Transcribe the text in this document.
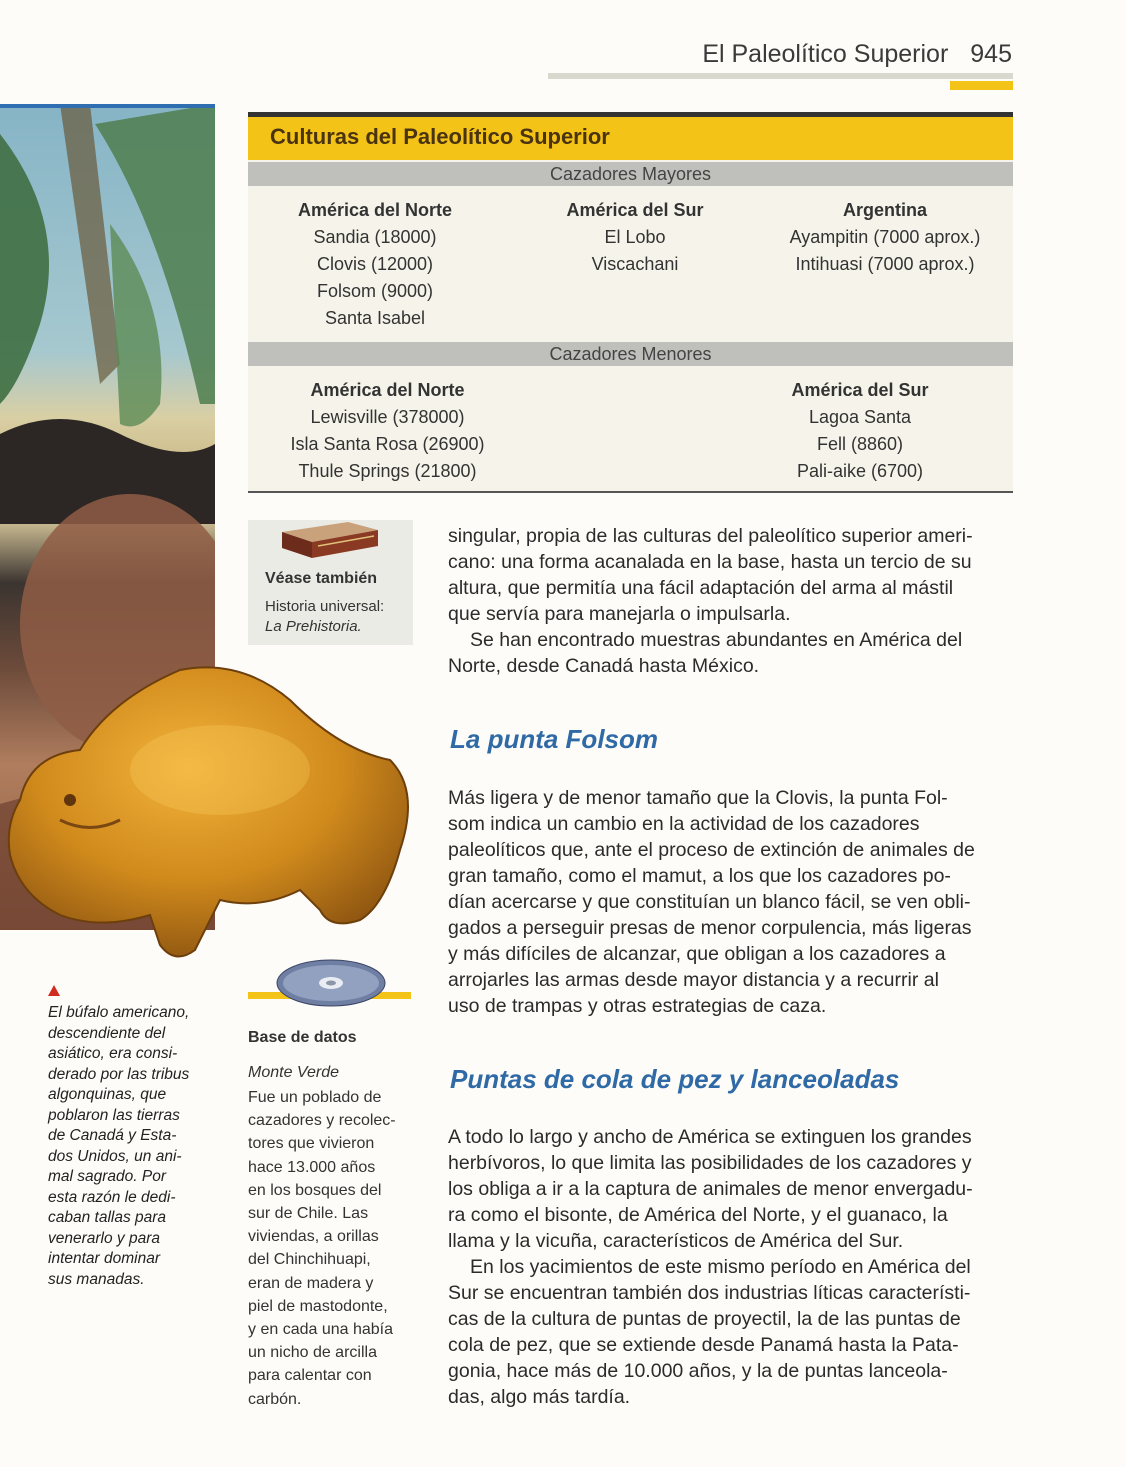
El Paleolítico Superior 945
Culturas del Paleolítico Superior
Cazadores Mayores
América del Norte
Sandia (18000)
Clovis (12000)
Folsom (9000)
Santa Isabel
América del Sur
El Lobo
Viscachani
Argentina
Ayampitin (7000 aprox.)
Intihuasi (7000 aprox.)
Cazadores Menores
América del Norte
Lewisville (378000)
Isla Santa Rosa (26900)
Thule Springs (21800)
América del Sur
Lagoa Santa
Fell (8860)
Pali-aike (6700)
Véase también
Historia universal:
La Prehistoria.
Base de datos
Monte Verde
Fue un poblado de
cazadores y recolec-
tores que vivieron
hace 13.000 años
en los bosques del
sur de Chile. Las
viviendas, a orillas
del Chinchihuapi,
eran de madera y
piel de mastodonte,
y en cada una había
un nicho de arcilla
para calentar con
carbón.
El búfalo americano,
descendiente del
asiático, era consi-
derado por las tribus
algonquinas, que
poblaron las tierras
de Canadá y Esta-
dos Unidos, un ani-
mal sagrado. Por
esta razón le dedi-
caban tallas para
venerarlo y para
intentar dominar
sus manadas.
singular, propia de las culturas del paleolítico superior ameri-
cano: una forma acanalada en la base, hasta un tercio de su
altura, que permitía una fácil adaptación del arma al mástil
que servía para manejarla o impulsarla.
Se han encontrado muestras abundantes en América del
Norte, desde Canadá hasta México.
La punta Folsom
Más ligera y de menor tamaño que la Clovis, la punta Fol-
som indica un cambio en la actividad de los cazadores
paleolíticos que, ante el proceso de extinción de animales de
gran tamaño, como el mamut, a los que los cazadores po-
dían acercarse y que constituían un blanco fácil, se ven obli-
gados a perseguir presas de menor corpulencia, más ligeras
y más difíciles de alcanzar, que obligan a los cazadores a
arrojarles las armas desde mayor distancia y a recurrir al
uso de trampas y otras estrategias de caza.
Puntas de cola de pez y lanceoladas
A todo lo largo y ancho de América se extinguen los grandes
herbívoros, lo que limita las posibilidades de los cazadores y
los obliga a ir a la captura de animales de menor envergadu-
ra como el bisonte, de América del Norte, y el guanaco, la
llama y la vicuña, característicos de América del Sur.
En los yacimientos de este mismo período en América del
Sur se encuentran también dos industrias líticas característi-
cas de la cultura de puntas de proyectil, la de las puntas de
cola de pez, que se extiende desde Panamá hasta la Pata-
gonia, hace más de 10.000 años, y la de puntas lanceola-
das, algo más tardía.
